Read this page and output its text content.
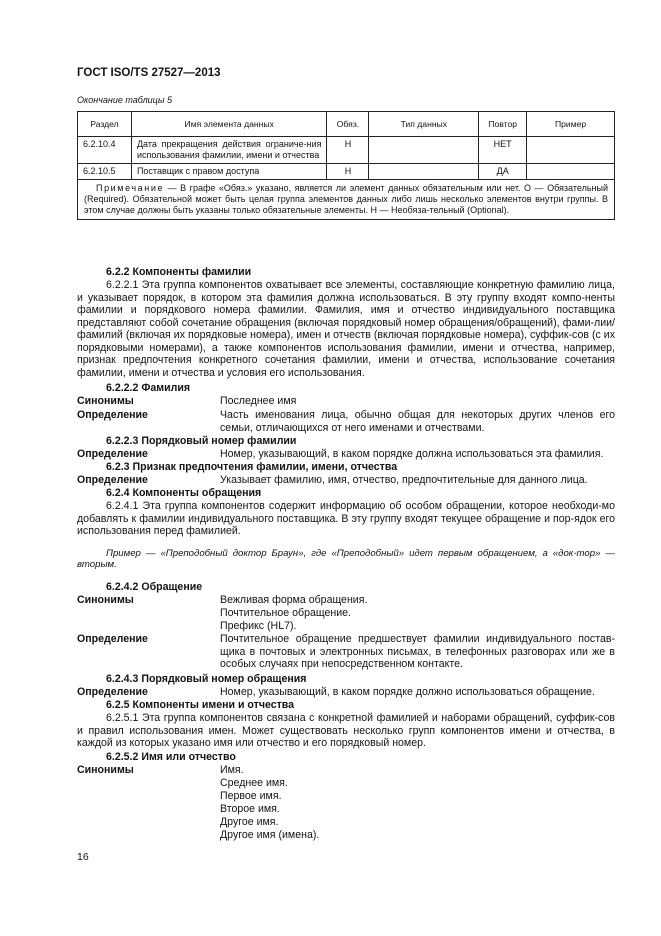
ГОСТ ISO/TS 27527—2013
Окончание таблицы 5
Раздел	Имя элемента данных	Обяз.	Тип данных	Повтор	Пример
6.2.10.4	Дата прекращения действия ограниче-ния использования фамилии, имени и отчества	Н		НЕТ	
6.2.10.5	Поставщик с правом доступа	Н		ДА	
Примечание — В графе «Обяз.» указано, является ли элемент данных обязательным или нет. О — Обязательный (Required). Обязательной может быть целая группа элементов данных либо лишь несколько элементов внутри группы. В этом случае должны быть указаны только обязательные элементы. Н — Необяза-тельный (Optional).					
6.2.2 Компоненты фамилии
6.2.2.1 Эта группа компонентов охватывает все элементы, составляющие конкретную фамилию лица, и указывает порядок, в котором эта фамилия должна использоваться. В эту группу входят компо-ненты фамилии и порядкового номера фамилии. Фамилия, имя и отчество индивидуального поставщика представляют собой сочетание обращения (включая порядковый номер обращения/обращений), фами-лии/фамилий (включая их порядковые номера), имен и отчеств (включая порядковые номера), суффик-сов (с их порядковыми номерами), а также компонентов использования фамилии, имени и отчества, например, признак предпочтения конкретного сочетания фамилии, имени и отчества, использование сочетания фамилии, имени и отчества и условия его использования.
6.2.2.2 Фамилия
Синонимы	Последнее имя
Определение	Часть именования лица, обычно общая для некоторых других членов его семьи, отличающихся от него именами и отчествами.
6.2.2.3 Порядковый номер фамилии
Определение	Номер, указывающий, в каком порядке должна использоваться эта фамилия.
6.2.3 Признак предпочтения фамилии, имени, отчества
Определение	Указывает фамилию, имя, отчество, предпочтительные для данного лица.
6.2.4 Компоненты обращения
6.2.4.1 Эта группа компонентов содержит информацию об особом обращении, которое необходи-мо добавлять к фамилии индивидуального поставщика. В эту группу входят текущее обращение и пор-ядок его использования перед фамилией.
Пример — «Преподобный доктор Браун», где «Преподобный» идет первым обращением, а «док-тор» — вторым.
6.2.4.2 Обращение
Синонимы	Вежливая форма обращения.
Почтительное обращение.
Префикс (HL7).
Определение	Почтительное обращение предшествует фамилии индивидуального постав-щика в почтовых и электронных письмах, в телефонных разговорах или же в особых случаях при непосредственном контакте.
6.2.4.3 Порядковый номер обращения
Определение	Номер, указывающий, в каком порядке должно использоваться обращение.
6.2.5 Компоненты имени и отчества
6.2.5.1 Эта группа компонентов связана с конкретной фамилией и наборами обращений, суффик-сов и правил использования имен. Может существовать несколько групп компонентов имени и отчества, в каждой из которых указано имя или отчество и его порядковый номер.
6.2.5.2 Имя или отчество
Синонимы	Имя.
Среднее имя.
Первое имя.
Второе имя.
Другое имя.
Другое имя (имена).
16
